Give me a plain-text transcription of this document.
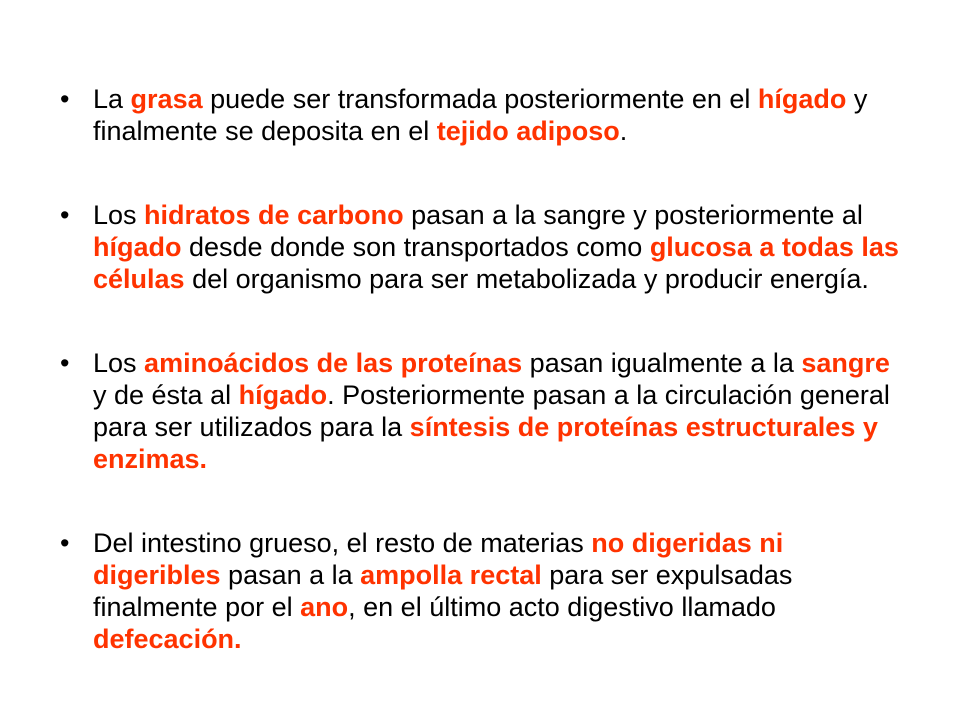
• La grasa puede ser transformada posteriormente en el hígado y finalmente se deposita en el tejido adiposo.
• Los hidratos de carbono pasan a la sangre y posteriormente al hígado desde donde son transportados como glucosa a todas las células del organismo para ser metabolizada y producir energía.
• Los aminoácidos de las proteínas pasan igualmente a la sangre y de ésta al hígado. Posteriormente pasan a la circulación general para ser utilizados para la síntesis de proteínas estructurales y enzimas.
• Del intestino grueso, el resto de materias no digeridas ni digeribles pasan a la ampolla rectal para ser expulsadas finalmente por el ano, en el último acto digestivo llamado defecación.
